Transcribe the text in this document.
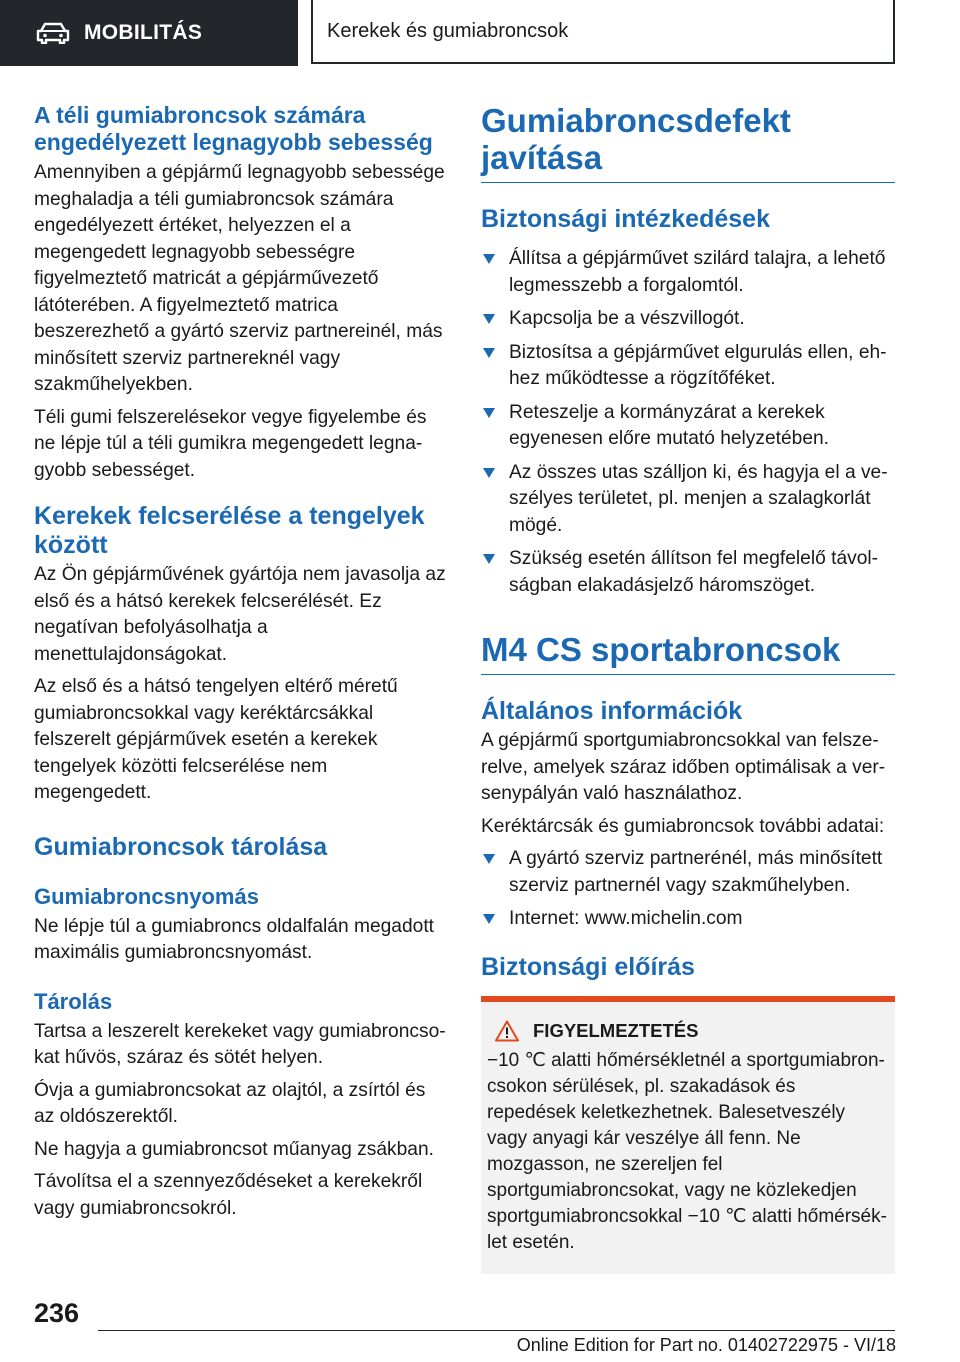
MOBILITÁS	Kerekek és gumiabroncsok
A téli gumiabroncsok számára engedélyezett legnagyobb sebesség

Amennyiben a gépjármű legnagyobb sebessége meghaladja a téli gumiabroncsok számára engedélyezett értéket, helyezzen el a megengedett legnagyobb sebességre figyelmeztető matricát a gépjárművezető látóterében. A figyelmeztető matrica beszerezhető a gyártó szerviz partnereinél, más minősített szerviz partnereknél vagy szakműhelyekben.

Téli gumi felszerelésekor vegye figyelembe és ne lépje túl a téli gumikra megengedett legnagyobb sebességet.

Kerekek felcserélése a tengelyek között

Az Ön gépjárművének gyártója nem javasolja az első és a hátsó kerekek felcserélését. Ez negatívan befolyásolhatja a menettulajdonságokat.

Az első és a hátsó tengelyen eltérő méretű gumiabroncsokkal vagy keréktárcsákkal felszerelt gépjárművek esetén a kerekek tengelyek közötti felcserélése nem megengedett.

Gumiabroncsok tárolása
Gumiabroncsnyomás

Ne lépje túl a gumiabroncs oldalfalán megadott maximális gumiabroncsnyomást.

Tárolás

Tartsa a leszerelt kerekeket vagy gumiabroncsokat hűvös, száraz és sötét helyen.

Óvja a gumiabroncsokat az olajtól, a zsírtól és az oldószerektől.

Ne hagyja a gumiabroncsot műanyag zsákban.

Távolítsa el a szennyeződéseket a kerekekről vagy gumiabroncsokról.

Gumiabroncsdefekt javítása
Biztonsági intézkedések
Állítsa a gépjárművet szilárd talajra, a lehető legmesszebb a forgalomtól.
Kapcsolja be a vészvillogót.
Biztosítsa a gépjárművet elgurulás ellen, ehhez működtesse a rögzítőféket.
Reteszelje a kormányzárat a kerekek egyenesen előre mutató helyzetében.
Az összes utas szálljon ki, és hagyja el a veszélyes területet, pl. menjen a szalagkorlát mögé.
Szükség esetén állítson fel megfelelő távolságban elakadásjelző háromszöget.
M4 CS sportabroncsok
Általános információk

A gépjármű sportgumiabroncsokkal van felszerelve, amelyek száraz időben optimálisak a versenypályán való használathoz.

Keréktárcsák és gumiabroncsok további adatai:

A gyártó szerviz partnerénél, más minősített szerviz partnernél vagy szakműhelyben.
Internet: www.michelin.com
Biztonsági előírás
FIGYELMEZTETÉS

−10 ℃ alatti hőmérsékletnél a sportgumiabroncsokon sérülések, pl. szakadások és repedések keletkezhetnek. Balesetveszély vagy anyagi kár veszélye áll fenn. Ne mozgasson, ne szereljen fel sportgumiabroncsokat, vagy ne közlekedjen sportgumiabroncsokkal −10 ℃ alatti hőmérséklet esetén.

236
Online Edition for Part no. 01402722975 - VI/18
